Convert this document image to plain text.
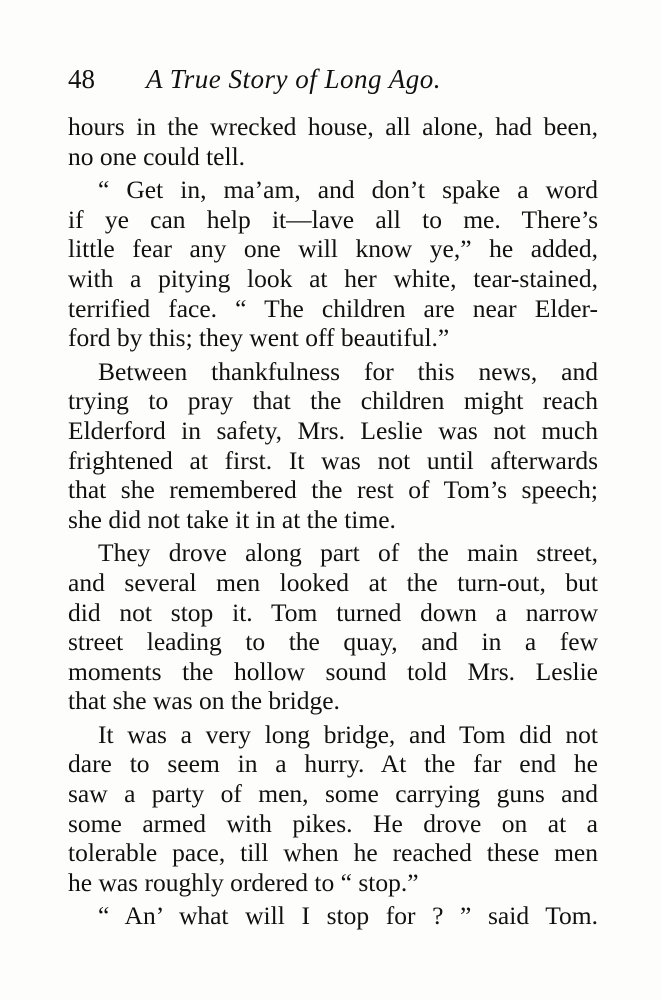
48 A True Story of Long Ago.
hours in the wrecked house, all alone, had been,
no one could tell.
“ Get in, ma’am, and don’t spake a word
if ye can help it—lave all to me. There’s
little fear any one will know ye,” he added,
with a pitying look at her white, tear-stained,
terrified face. “ The children are near Elder-
ford by this; they went off beautiful.”
Between thankfulness for this news, and
trying to pray that the children might reach
Elderford in safety, Mrs. Leslie was not much
frightened at first. It was not until afterwards
that she remembered the rest of Tom’s speech;
she did not take it in at the time.
They drove along part of the main street,
and several men looked at the turn-out, but
did not stop it. Tom turned down a narrow
street leading to the quay, and in a few
moments the hollow sound told Mrs. Leslie
that she was on the bridge.
It was a very long bridge, and Tom did not
dare to seem in a hurry. At the far end he
saw a party of men, some carrying guns and
some armed with pikes. He drove on at a
tolerable pace, till when he reached these men
he was roughly ordered to “ stop.”
“ An’ what will I stop for ? ” said Tom.
